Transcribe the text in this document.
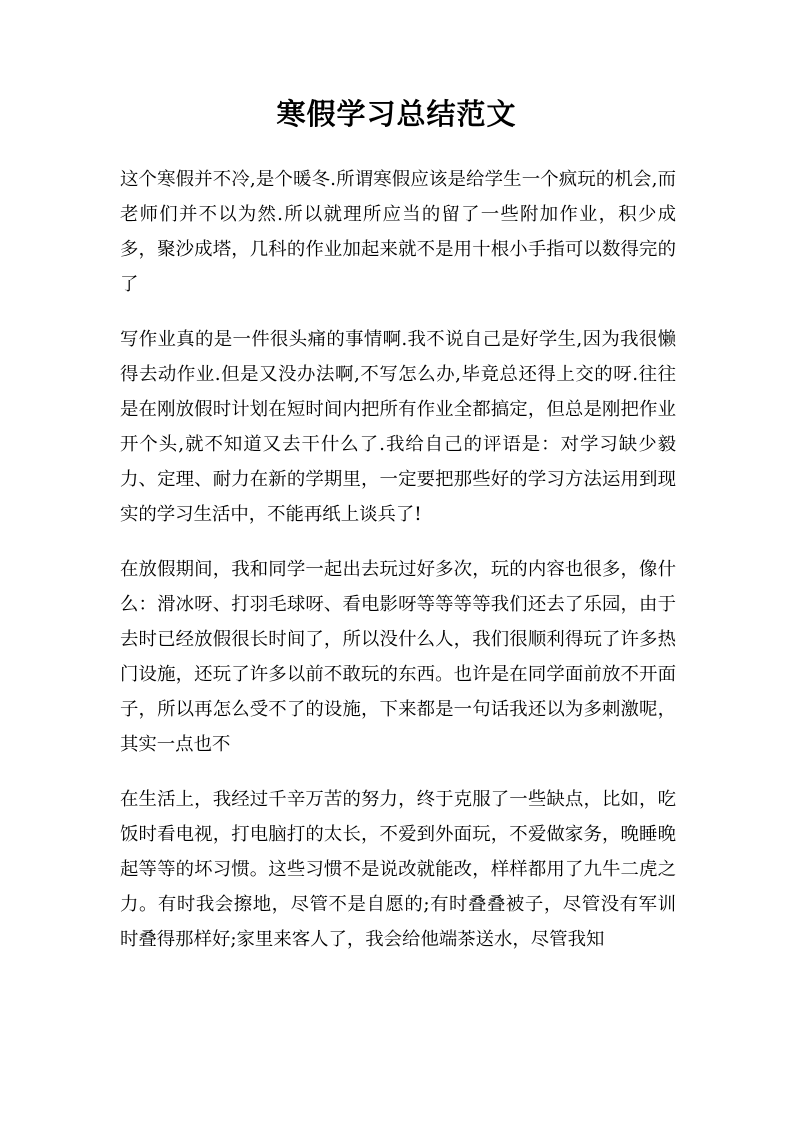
寒假学习总结范文

这个寒假并不冷,是个暖冬.所谓寒假应该是给学生一个疯玩的机会,而老师们并不以为然.所以就理所应当的留了一些附加作业，积少成多，聚沙成塔，几科的作业加起来就不是用十根小手指可以数得完的了

写作业真的是一件很头痛的事情啊.我不说自己是好学生,因为我很懒得去动作业.但是又没办法啊,不写怎么办,毕竟总还得上交的呀.往往是在刚放假时计划在短时间内把所有作业全都搞定，但总是刚把作业开个头,就不知道又去干什么了.我给自己的评语是：对学习缺少毅力、定理、耐力在新的学期里，一定要把那些好的学习方法运用到现实的学习生活中，不能再纸上谈兵了!

在放假期间，我和同学一起出去玩过好多次，玩的内容也很多，像什么：滑冰呀、打羽毛球呀、看电影呀等等等等我们还去了乐园，由于去时已经放假很长时间了，所以没什么人，我们很顺利得玩了许多热门设施，还玩了许多以前不敢玩的东西。也许是在同学面前放不开面子，所以再怎么受不了的设施，下来都是一句话我还以为多刺激呢，其实一点也不

在生活上，我经过千辛万苦的努力，终于克服了一些缺点，比如，吃饭时看电视，打电脑打的太长，不爱到外面玩，不爱做家务，晚睡晚起等等的坏习惯。这些习惯不是说改就能改，样样都用了九牛二虎之力。有时我会擦地，尽管不是自愿的;有时叠叠被子，尽管没有军训时叠得那样好;家里来客人了，我会给他端茶送水，尽管我知
